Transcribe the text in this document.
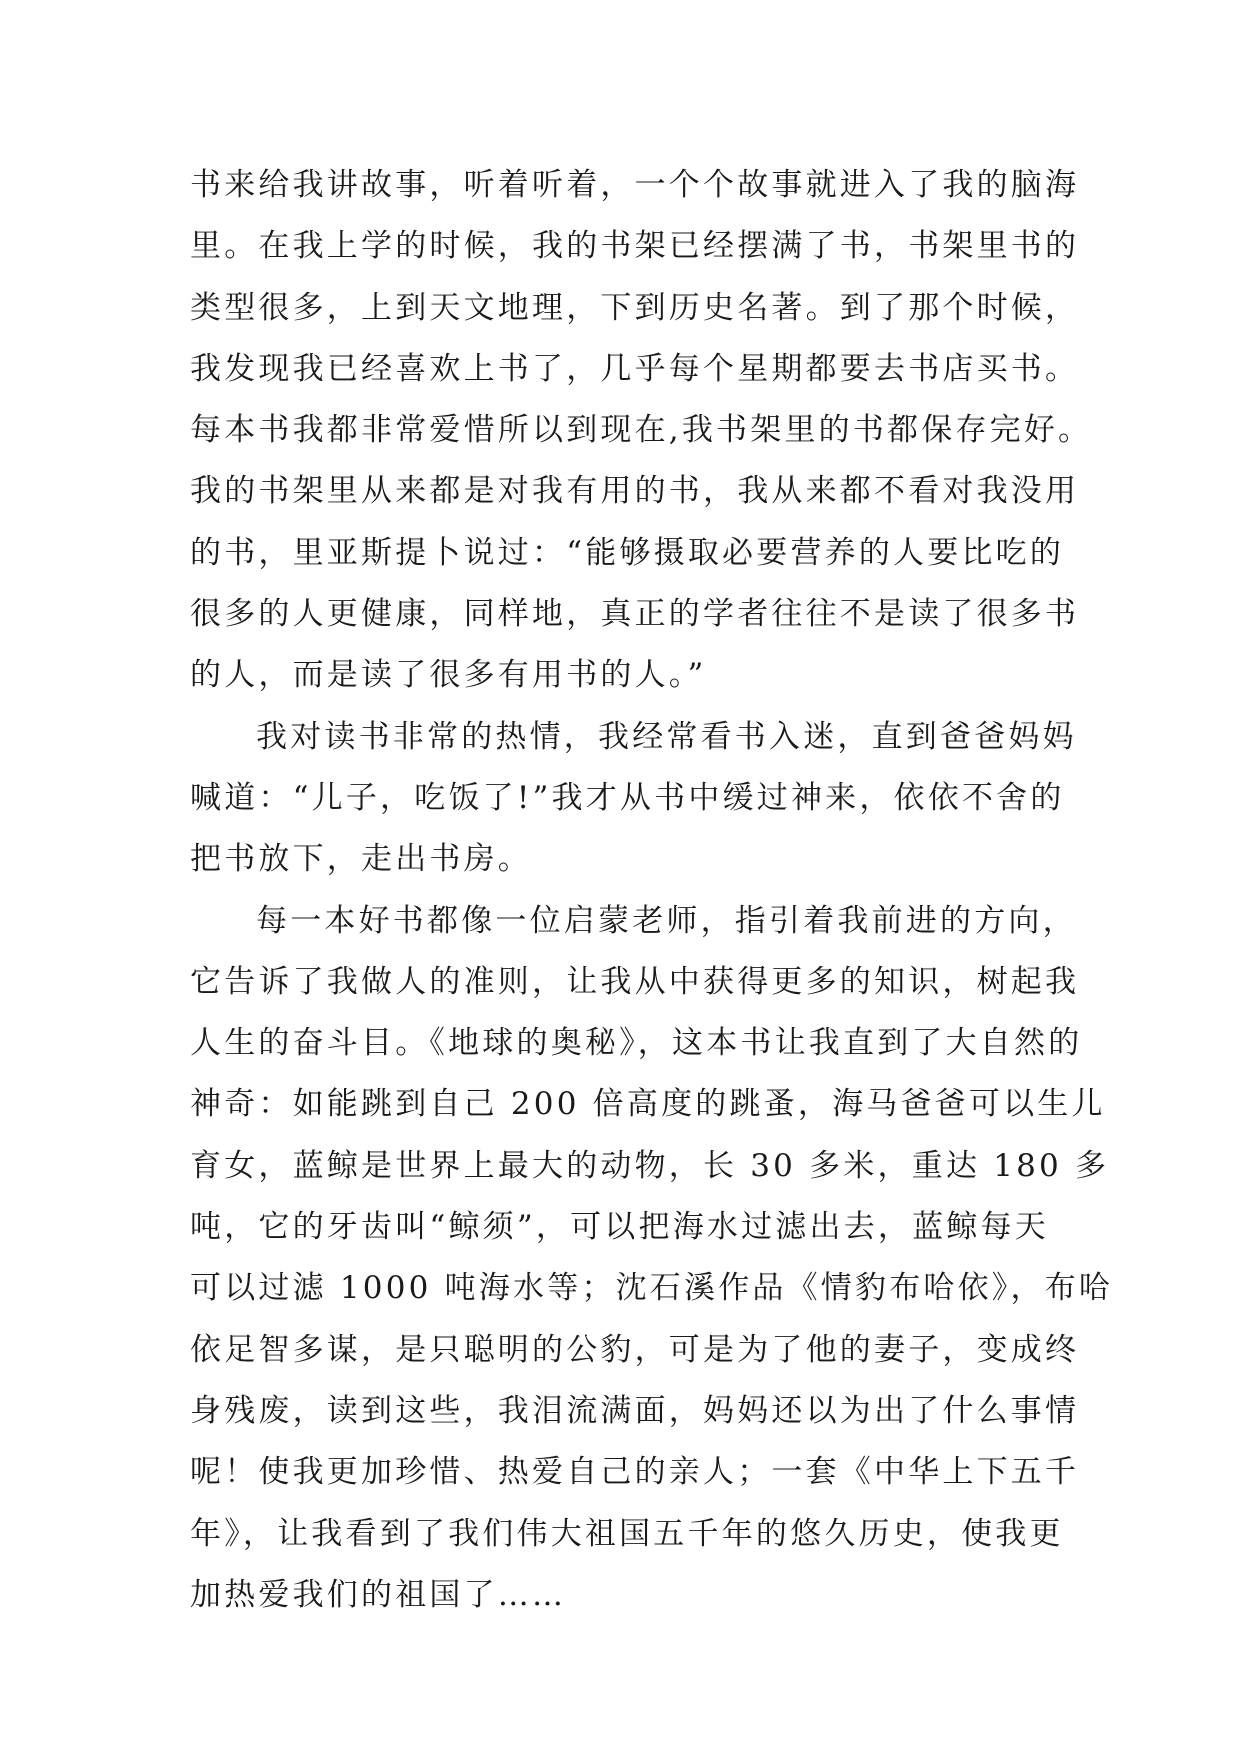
书来给我讲故事，听着听着，一个个故事就进入了我的脑海
里。在我上学的时候，我的书架已经摆满了书，书架里书的
类型很多，上到天文地理，下到历史名著。到了那个时候，
我发现我已经喜欢上书了，几乎每个星期都要去书店买书。
每本书我都非常爱惜所以到现在,我书架里的书都保存完好。
我的书架里从来都是对我有用的书，我从来都不看对我没用
的书，里亚斯提卜说过：“能够摄取必要营养的人要比吃的
很多的人更健康，同样地，真正的学者往往不是读了很多书
的人，而是读了很多有用书的人。”
我对读书非常的热情，我经常看书入迷，直到爸爸妈妈
喊道：“儿子，吃饭了!”我才从书中缓过神来，依依不舍的
把书放下，走出书房。
每一本好书都像一位启蒙老师，指引着我前进的方向，
它告诉了我做人的准则，让我从中获得更多的知识，树起我
人生的奋斗目。《地球的奥秘》，这本书让我直到了大自然的
神奇：如能跳到自己 200 倍高度的跳蚤，海马爸爸可以生儿
育女，蓝鲸是世界上最大的动物，长 30 多米，重达 180 多
吨，它的牙齿叫“鲸须”，可以把海水过滤出去，蓝鲸每天
可以过滤 1000 吨海水等；沈石溪作品《情豹布哈依》，布哈
依足智多谋，是只聪明的公豹，可是为了他的妻子，变成终
身残废，读到这些，我泪流满面，妈妈还以为出了什么事情
呢！使我更加珍惜、热爱自己的亲人；一套《中华上下五千
年》，让我看到了我们伟大祖国五千年的悠久历史，使我更
加热爱我们的祖国了……
